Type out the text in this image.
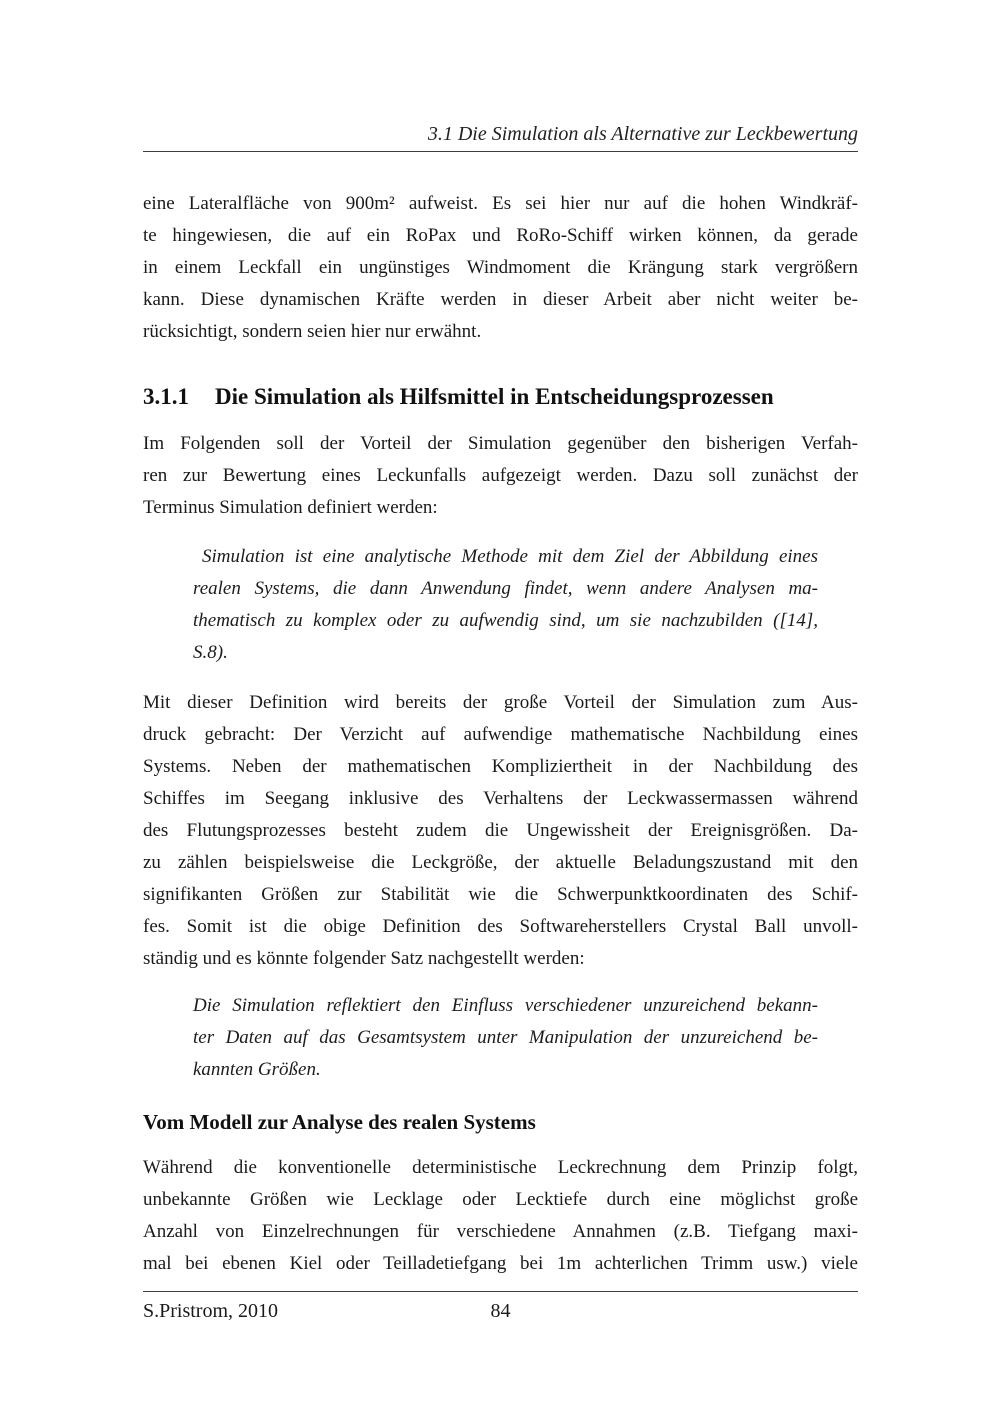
3.1 Die Simulation als Alternative zur Leckbewertung
eine Lateralfläche von 900m² aufweist. Es sei hier nur auf die hohen Windkräf-
te hingewiesen, die auf ein RoPax und RoRo-Schiff wirken können, da gerade
in einem Leckfall ein ungünstiges Windmoment die Krängung stark vergrößern
kann. Diese dynamischen Kräfte werden in dieser Arbeit aber nicht weiter be-
rücksichtigt, sondern seien hier nur erwähnt.
3.1.1 Die Simulation als Hilfsmittel in Entscheidungsprozessen
Im Folgenden soll der Vorteil der Simulation gegenüber den bisherigen Verfah-
ren zur Bewertung eines Leckunfalls aufgezeigt werden. Dazu soll zunächst der
Terminus Simulation definiert werden:
Simulation ist eine analytische Methode mit dem Ziel der Abbildung eines
realen Systems, die dann Anwendung findet, wenn andere Analysen ma-
thematisch zu komplex oder zu aufwendig sind, um sie nachzubilden ([14],
S.8).
Mit dieser Definition wird bereits der große Vorteil der Simulation zum Aus-
druck gebracht: Der Verzicht auf aufwendige mathematische Nachbildung eines
Systems. Neben der mathematischen Kompliziertheit in der Nachbildung des
Schiffes im Seegang inklusive des Verhaltens der Leckwassermassen während
des Flutungsprozesses besteht zudem die Ungewissheit der Ereignisgrößen. Da-
zu zählen beispielsweise die Leckgröße, der aktuelle Beladungszustand mit den
signifikanten Größen zur Stabilität wie die Schwerpunktkoordinaten des Schif-
fes. Somit ist die obige Definition des Softwareherstellers Crystal Ball unvoll-
ständig und es könnte folgender Satz nachgestellt werden:
Die Simulation reflektiert den Einfluss verschiedener unzureichend bekann-
ter Daten auf das Gesamtsystem unter Manipulation der unzureichend be-
kannten Größen.
Vom Modell zur Analyse des realen Systems
Während die konventionelle deterministische Leckrechnung dem Prinzip folgt,
unbekannte Größen wie Lecklage oder Lecktiefe durch eine möglichst große
Anzahl von Einzelrechnungen für verschiedene Annahmen (z.B. Tiefgang maxi-
mal bei ebenen Kiel oder Teilladetiefgang bei 1m achterlichen Trimm usw.) viele
S.Pristrom, 2010	84
